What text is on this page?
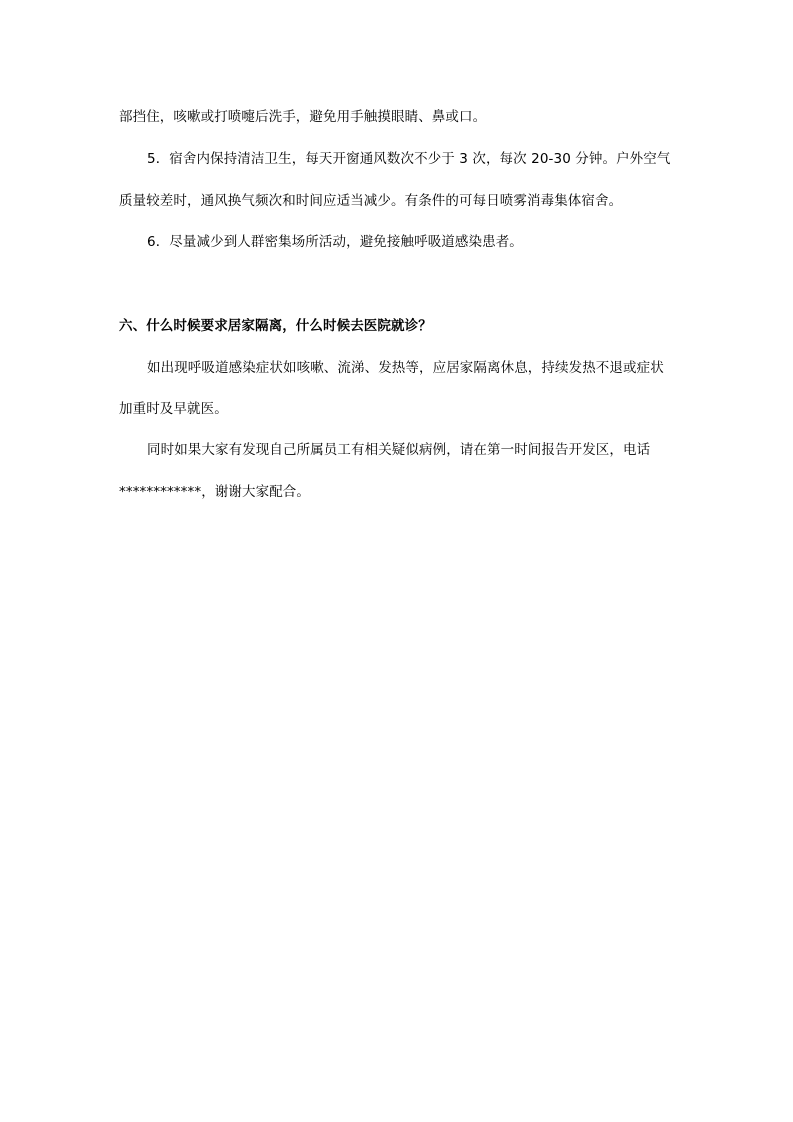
部挡住，咳嗽或打喷嚏后洗手，避免用手触摸眼睛、鼻或口。
5．宿舍内保持清洁卫生，每天开窗通风数次不少于 3 次，每次 20-30 分钟。户外空气
质量较差时，通风换气频次和时间应适当减少。有条件的可每日喷雾消毒集体宿舍。
6．尽量减少到人群密集场所活动，避免接触呼吸道感染患者。
六、什么时候要求居家隔离，什么时候去医院就诊？
如出现呼吸道感染症状如咳嗽、流涕、发热等，应居家隔离休息，持续发热不退或症状
加重时及早就医。
同时如果大家有发现自己所属员工有相关疑似病例，请在第一时间报告开发区，电话
************，谢谢大家配合。
